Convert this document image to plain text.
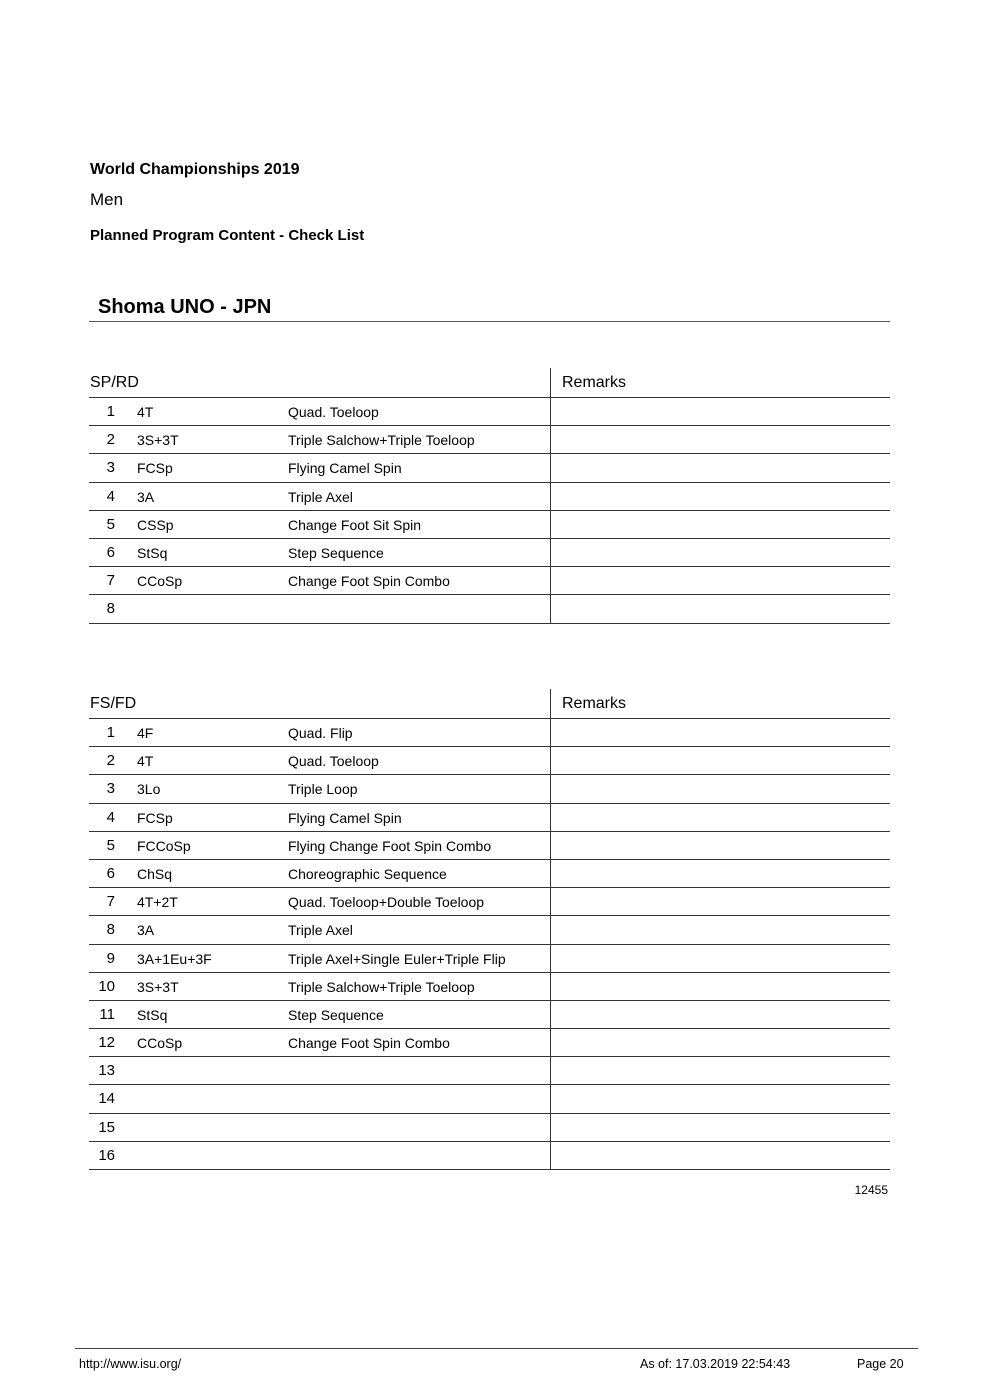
World Championships 2019
Men
Planned Program Content - Check List
Shoma UNO - JPN
SP/RD	Remarks
1 4T	Quad. Toeloop
2 3S+3T	Triple Salchow+Triple Toeloop
3 FCSp	Flying Camel Spin
4 3A	Triple Axel
5 CSSp	Change Foot Sit Spin
6 StSq	Step Sequence
7 CCoSp	Change Foot Spin Combo
8
FS/FD	Remarks
1 4F	Quad. Flip
2 4T	Quad. Toeloop
3 3Lo	Triple Loop
4 FCSp	Flying Camel Spin
5 FCCoSp	Flying Change Foot Spin Combo
6 ChSq	Choreographic Sequence
7 4T+2T	Quad. Toeloop+Double Toeloop
8 3A	Triple Axel
9 3A+1Eu+3F	Triple Axel+Single Euler+Triple Flip
10 3S+3T	Triple Salchow+Triple Toeloop
11 StSq	Step Sequence
12 CCoSp	Change Foot Spin Combo
13
14
15
16
12455
http://www.isu.org/	As of: 17.03.2019 22:54:43	Page 20
